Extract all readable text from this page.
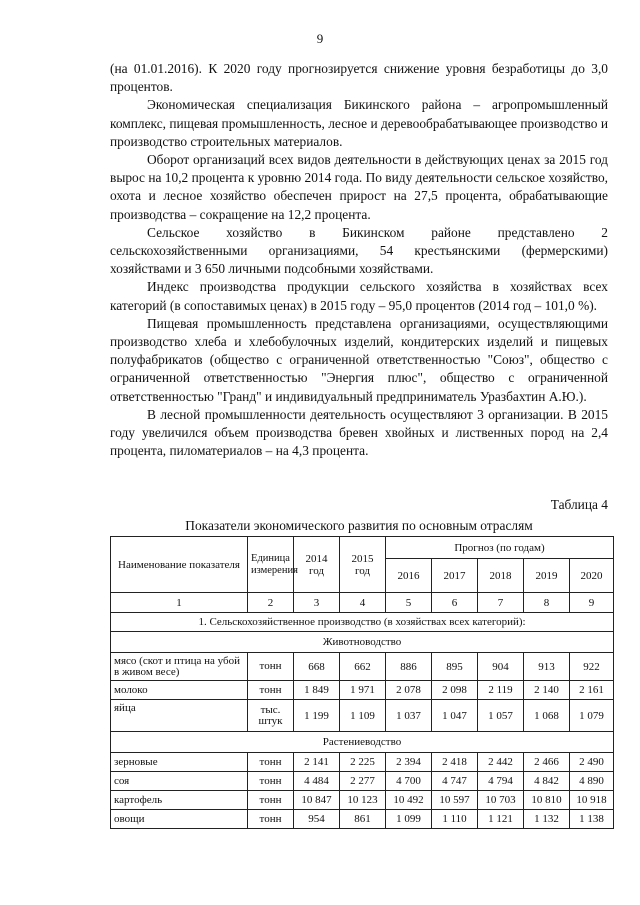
9

(на 01.01.2016). К 2020 году прогнозируется снижение уровня безработицы до 3,0 процентов.

Экономическая специализация Бикинского района – агропромышленный комплекс, пищевая промышленность, лесное и деревообрабатывающее производство и производство строительных материалов.

Оборот организаций всех видов деятельности в действующих ценах за 2015 год вырос на 10,2 процента к уровню 2014 года. По виду деятельности сельское хозяйство, охота и лесное хозяйство обеспечен прирост на 27,5 процента, обрабатывающие производства – сокращение на 12,2 процента.

Сельское хозяйство в Бикинском районе представлено 2 сельскохозяйственными организациями, 54 крестьянскими (фермерскими) хозяйствами и 3 650 личными подсобными хозяйствами.

Индекс производства продукции сельского хозяйства в хозяйствах всех категорий (в сопоставимых ценах) в 2015 году – 95,0 процентов (2014 год – 101,0 %).

Пищевая промышленность представлена организациями, осуществляющими производство хлеба и хлебобулочных изделий, кондитерских изделий и пищевых полуфабрикатов (общество с ограниченной ответственностью "Союз", общество с ограниченной ответственностью "Энергия плюс", общество с ограниченной ответственностью "Гранд" и индивидуальный предприниматель Уразбахтин А.Ю.).

В лесной промышленности деятельность осуществляют 3 организации. В 2015 году увеличился объем производства бревен хвойных и лиственных пород на 2,4 процента, пиломатериалов – на 4,3 процента.

Таблица 4
Показатели экономического развития по основным отраслям
Наименование показателя	Единица измерения	2014 год	2015 год	Прогноз (по годам)				
				2016	2017	2018	2019	2020
1	2	3	4	5	6	7	8	9
1. Сельскохозяйственное производство (в хозяйствах всех категорий):								
Животноводство								
мясо (скот и птица на убой в живом весе)	тонн	668	662	886	895	904	913	922
молоко	тонн	1 849	1 971	2 078	2 098	2 119	2 140	2 161
яйца	тыс. штук	1 199	1 109	1 037	1 047	1 057	1 068	1 079
Растениеводство								
зерновые	тонн	2 141	2 225	2 394	2 418	2 442	2 466	2 490
соя	тонн	4 484	2 277	4 700	4 747	4 794	4 842	4 890
картофель	тонн	10 847	10 123	10 492	10 597	10 703	10 810	10 918
овощи	тонн	954	861	1 099	1 110	1 121	1 132	1 138
